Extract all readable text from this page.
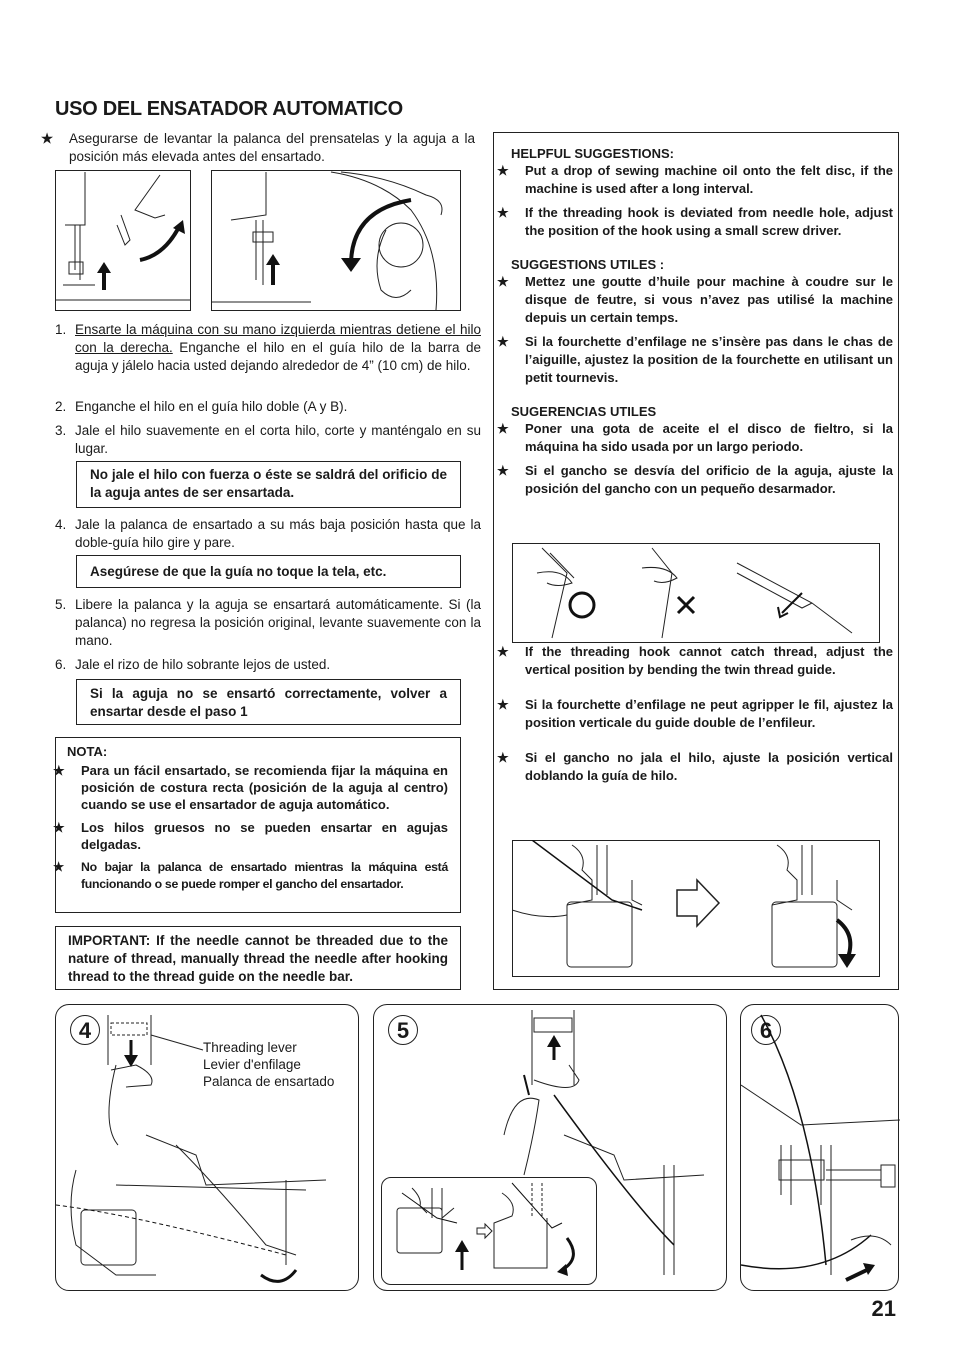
USO DEL ENSATADOR AUTOMATICO
★ Asegurarse de levantar la palanca del prensatelas y la aguja a la posición más elevada antes del ensartado.
1. Ensarte la máquina con su mano izquierda mientras detiene el hilo con la derecha. Enganche el hilo en el guía hilo de la barra de aguja y jálelo hacia usted dejando alrededor de 4” (10 cm) de hilo.
2. Enganche el hilo en el guía hilo doble (A y B).
3. Jale el hilo suavemente en el corta hilo, corte y manténgalo en su lugar.
No jale el hilo con fuerza o éste se saldrá del orificio de la aguja antes de ser ensartada.
4. Jale la palanca de ensartado a su más baja posición hasta que la doble-guía hilo gire y pare.
Asegúrese de que la guía no toque la tela, etc.
5. Libere la palanca y la aguja se ensartará automáticamente. Si (la palanca) no regresa la posición original, levante suavemente con la mano.
6. Jale el rizo de hilo sobrante lejos de usted.
Si la aguja no se ensartó correctamente, volver a ensartar desde el paso 1
NOTA:
★ Para un fácil ensartado, se recomienda fijar la máquina en posición de costura recta (posición de la aguja al centro) cuando se use el ensartador de aguja automático.
★ Los hilos gruesos no se pueden ensartar en agujas delgadas.
★ No bajar la palanca de ensartado mientras la máquina está funcionando o se puede romper el gancho del ensartador.
IMPORTANT: If the needle cannot be threaded due to the nature of thread, manually thread the needle after hooking thread to the thread guide on the needle bar.
HELPFUL SUGGESTIONS:
★ Put a drop of sewing machine oil onto the felt disc, if the machine is used after a long interval.
★ If the threading hook is deviated from needle hole, adjust the position of the hook using a small screw driver.
SUGGESTIONS UTILES :
★ Mettez une goutte d’huile pour machine à coudre sur le disque de feutre, si vous n’avez pas utilisé la machine depuis un certain temps.
★ Si la fourchette d’enfilage ne s’insère pas dans le chas de l’aiguille, ajustez la position de la fourchette en utilisant un petit tournevis.
SUGERENCIAS UTILES
★ Poner una gota de aceite el el disco de fieltro, si la máquina ha sido usada por un largo periodo.
★ Si el gancho se desvía del orificio de la aguja, ajuste la posición del gancho con un pequeño desarmador.
★ If the threading hook cannot catch thread, adjust the vertical position by bending the twin thread guide.
★ Si la fourchette d’enfilage ne peut agripper le fil, ajustez la position verticale du guide double de l’enfileur.
★ Si el gancho no jala el hilo, ajuste la posición vertical doblando la guía de hilo.
4
Threading lever
Levier d'enfilage
Palanca de ensartado
5	6
21
